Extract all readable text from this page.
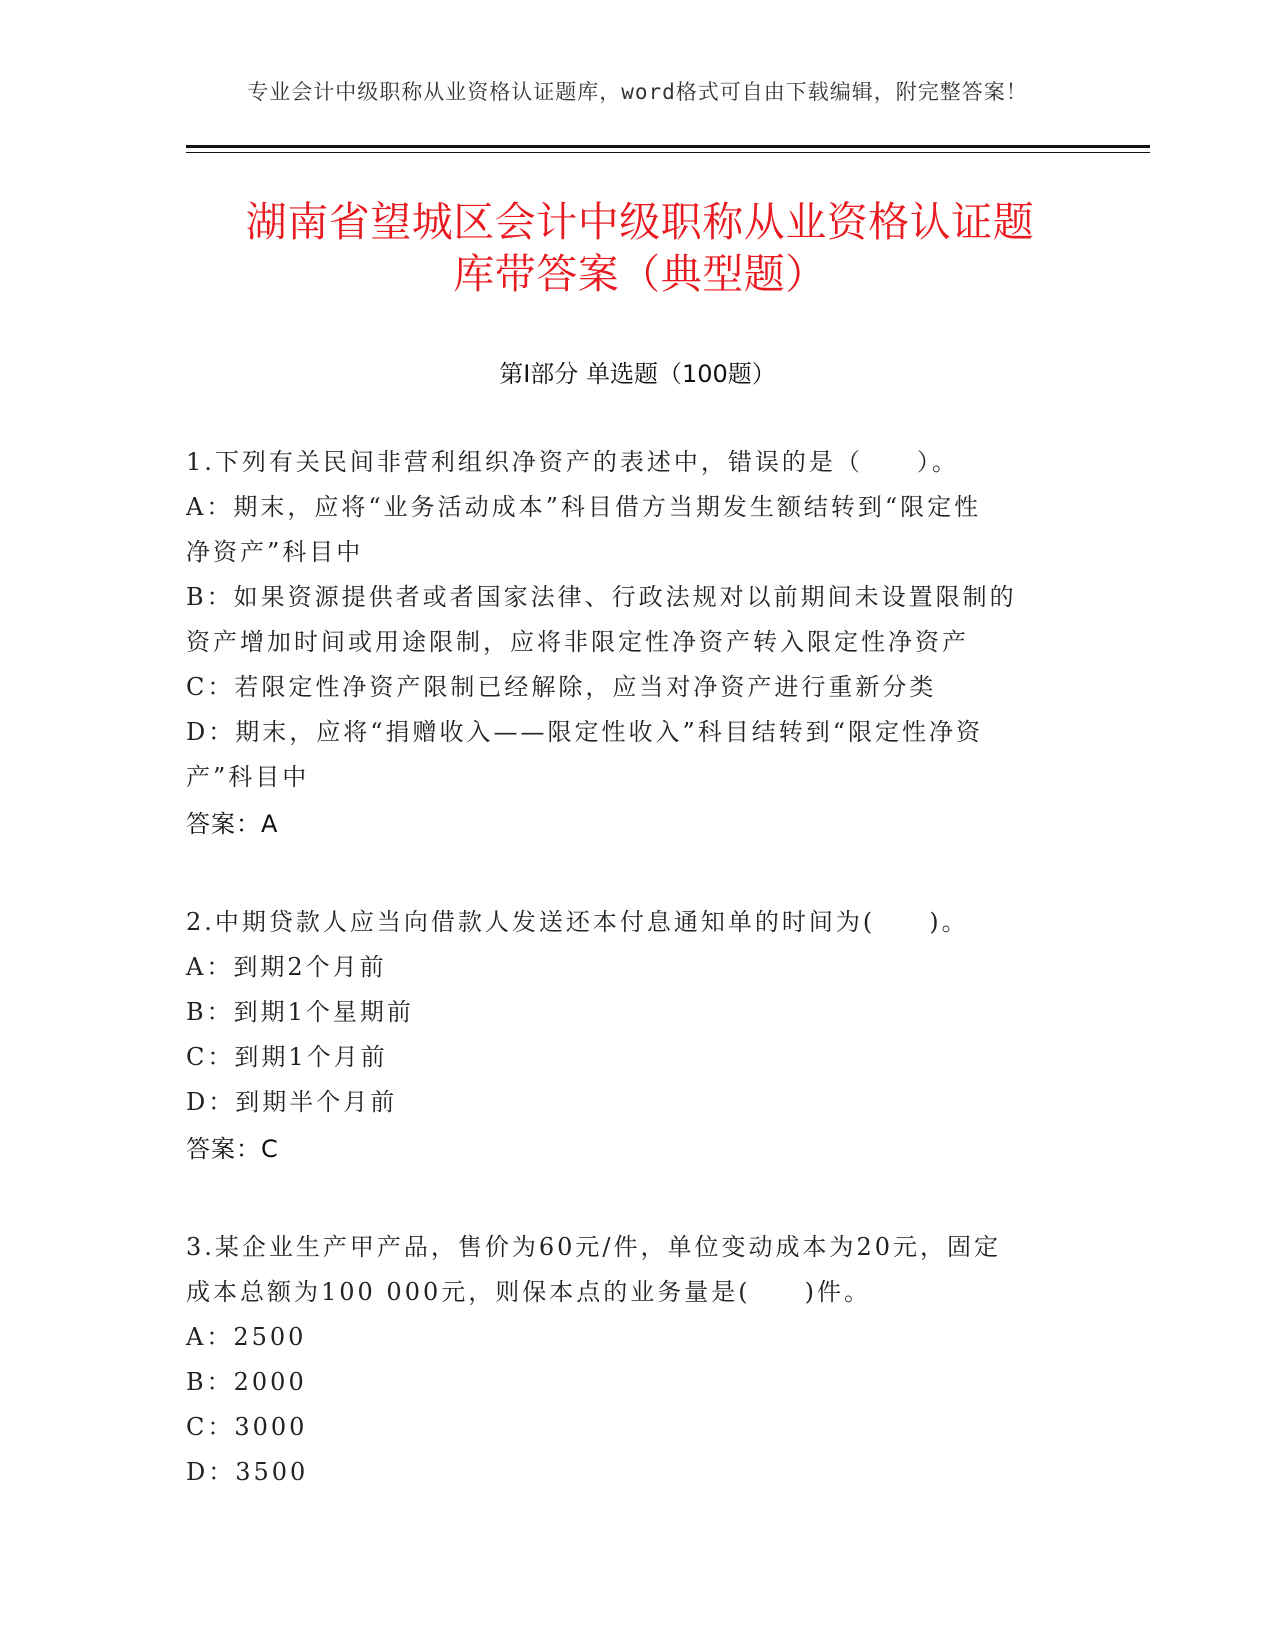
专业会计中级职称从业资格认证题库，word格式可自由下载编辑，附完整答案！
湖南省望城区会计中级职称从业资格认证题
库带答案（典型题）
第Ⅰ部分 单选题（100题）
1.下列有关民间非营利组织净资产的表述中，错误的是（　　）。
A：期末，应将“业务活动成本”科目借方当期发生额结转到“限定性
净资产”科目中
B：如果资源提供者或者国家法律、行政法规对以前期间未设置限制的
资产增加时间或用途限制，应将非限定性净资产转入限定性净资产
C：若限定性净资产限制已经解除，应当对净资产进行重新分类
D：期末，应将“捐赠收入——限定性收入”科目结转到“限定性净资
产”科目中
答案：A
2.中期贷款人应当向借款人发送还本付息通知单的时间为(　　)。
A：到期2个月前
B：到期1个星期前
C：到期1个月前
D：到期半个月前
答案：C
3.某企业生产甲产品，售价为60元/件，单位变动成本为20元，固定
成本总额为100 000元，则保本点的业务量是(　　)件。
A：2500
B：2000
C：3000
D：3500
